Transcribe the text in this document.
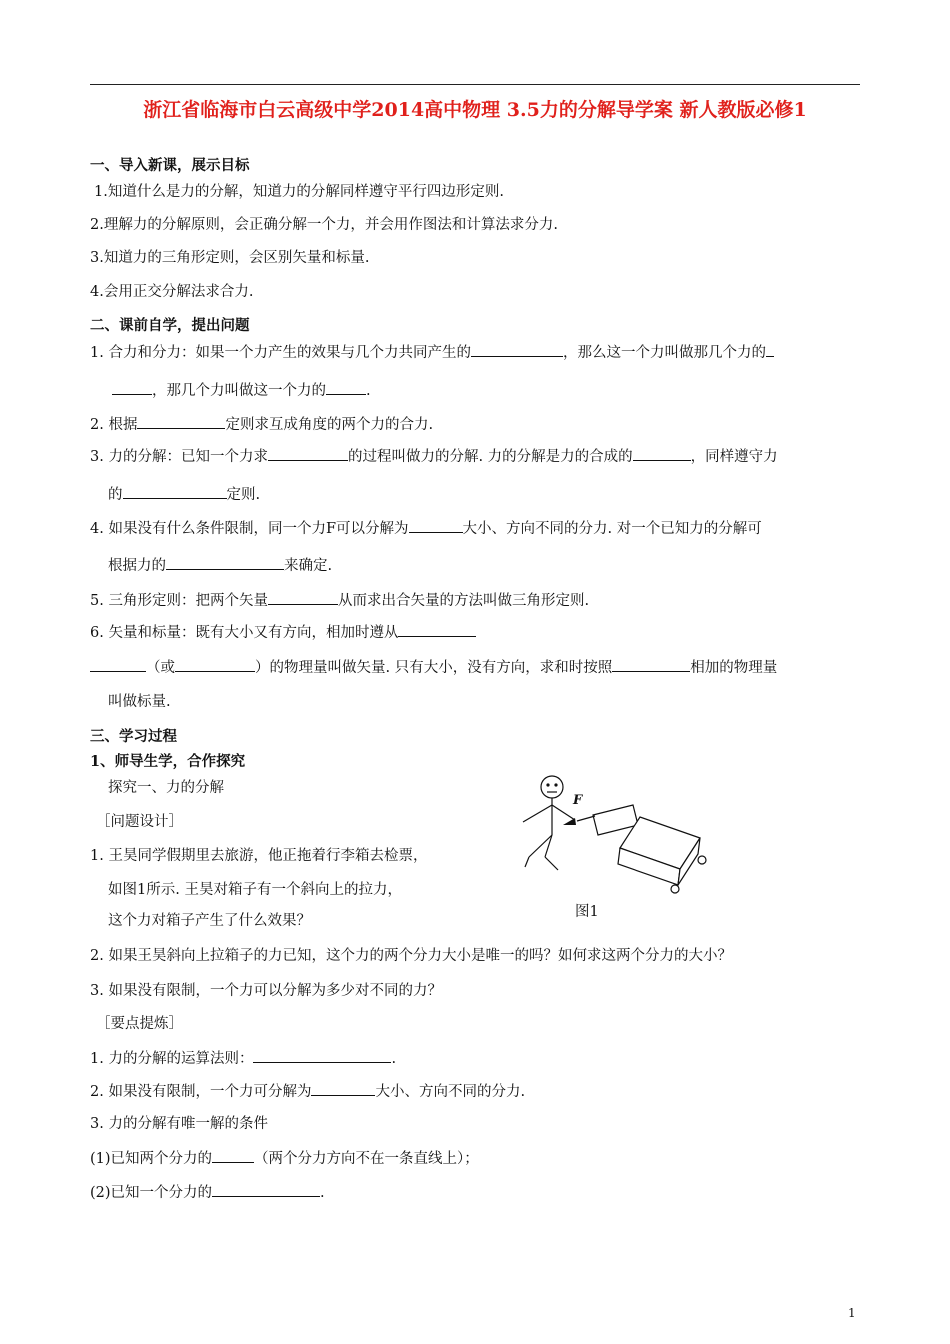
浙江省临海市白云高级中学2014高中物理 3.5力的分解导学案 新人教版必修1
一、导入新课，展示目标
1.知道什么是力的分解，知道力的分解同样遵守平行四边形定则.
2.理解力的分解原则，会正确分解一个力，并会用作图法和计算法求分力.
3.知道力的三角形定则，会区别矢量和标量.
4.会用正交分解法求合力.
二、课前自学，提出问题
1. 合力和分力：如果一个力产生的效果与几个力共同产生的	，那么这一个力叫做那几个力的
，那几个力叫做这一个力的	.
2. 根据	定则求互成角度的两个力的合力.
3. 力的分解：已知一个力求	的过程叫做力的分解. 力的分解是力的合成的	，同样遵守力
的	定则.
4. 如果没有什么条件限制，同一个力F可以分解为	大小、方向不同的分力. 对一个已知力的分解可
根据力的	来确定.
5. 三角形定则：把两个矢量	从而求出合矢量的方法叫做三角形定则.
6. 矢量和标量：既有大小又有方向，相加时遵从
（或	）的物理量叫做矢量. 只有大小，没有方向，求和时按照	相加的物理量
叫做标量.
三、学习过程
1、师导生学，合作探究
探究一、力的分解
［问题设计］
1. 王昊同学假期里去旅游，他正拖着行李箱去检票，
如图1所示. 王昊对箱子有一个斜向上的拉力，
这个力对箱子产生了什么效果？
2. 如果王昊斜向上拉箱子的力已知，这个力的两个分力大小是唯一的吗？如何求这两个分力的大小？
3. 如果没有限制，一个力可以分解为多少对不同的力？
［要点提炼］
1. 力的分解的运算法则：	.
2. 如果没有限制，一个力可分解为	大小、方向不同的分力.
3. 力的分解有唯一解的条件
(1)已知两个分力的	（两个分力方向不在一条直线上）；
(2)已知一个分力的	.
F
图1
1
